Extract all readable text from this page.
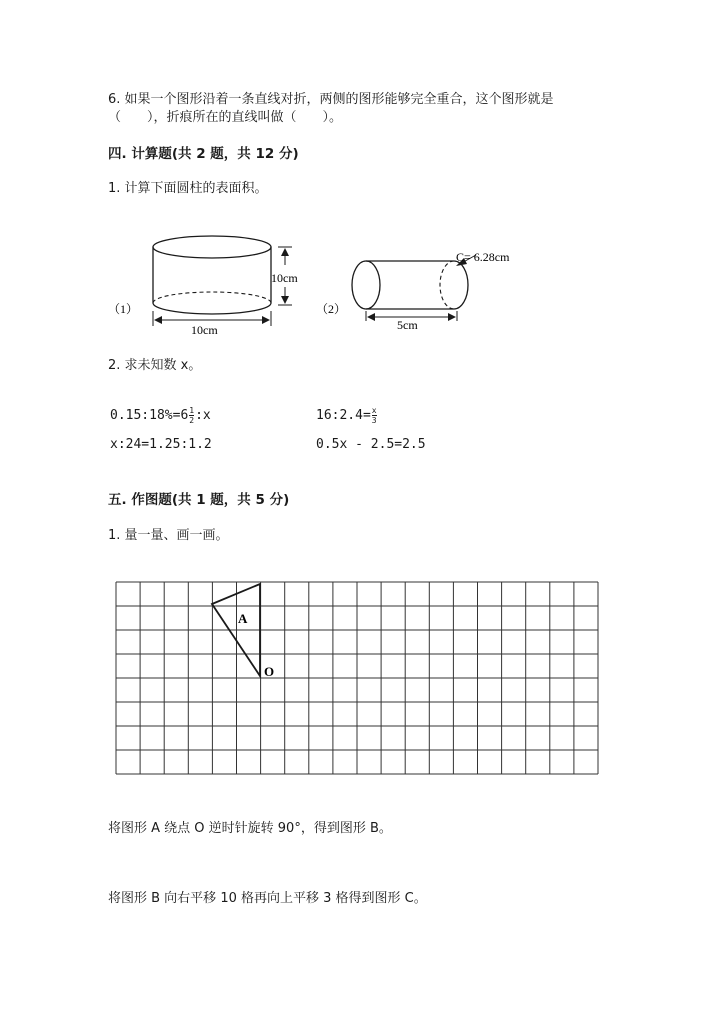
6. 如果一个图形沿着一条直线对折，两侧的图形能够完全重合，这个图形就是
（　　），折痕所在的直线叫做（　　）。
四. 计算题(共 2 题，共 12 分)
1. 计算下面圆柱的表面积。
（1）
10cm
10cm
（2）
C= 6.28cm
5cm
2. 求未知数 x。
0.15:18%=6 $\frac{1}{2}$ :x	16:2.4= $\frac{x}{3}$
x:24=1.25:1.2	0.5x - 2.5=2.5
五. 作图题(共 1 题，共 5 分)
1. 量一量、画一画。
A
O
将图形 A 绕点 O 逆时针旋转 90°，得到图形 B。
将图形 B 向右平移 10 格再向上平移 3 格得到图形 C。
